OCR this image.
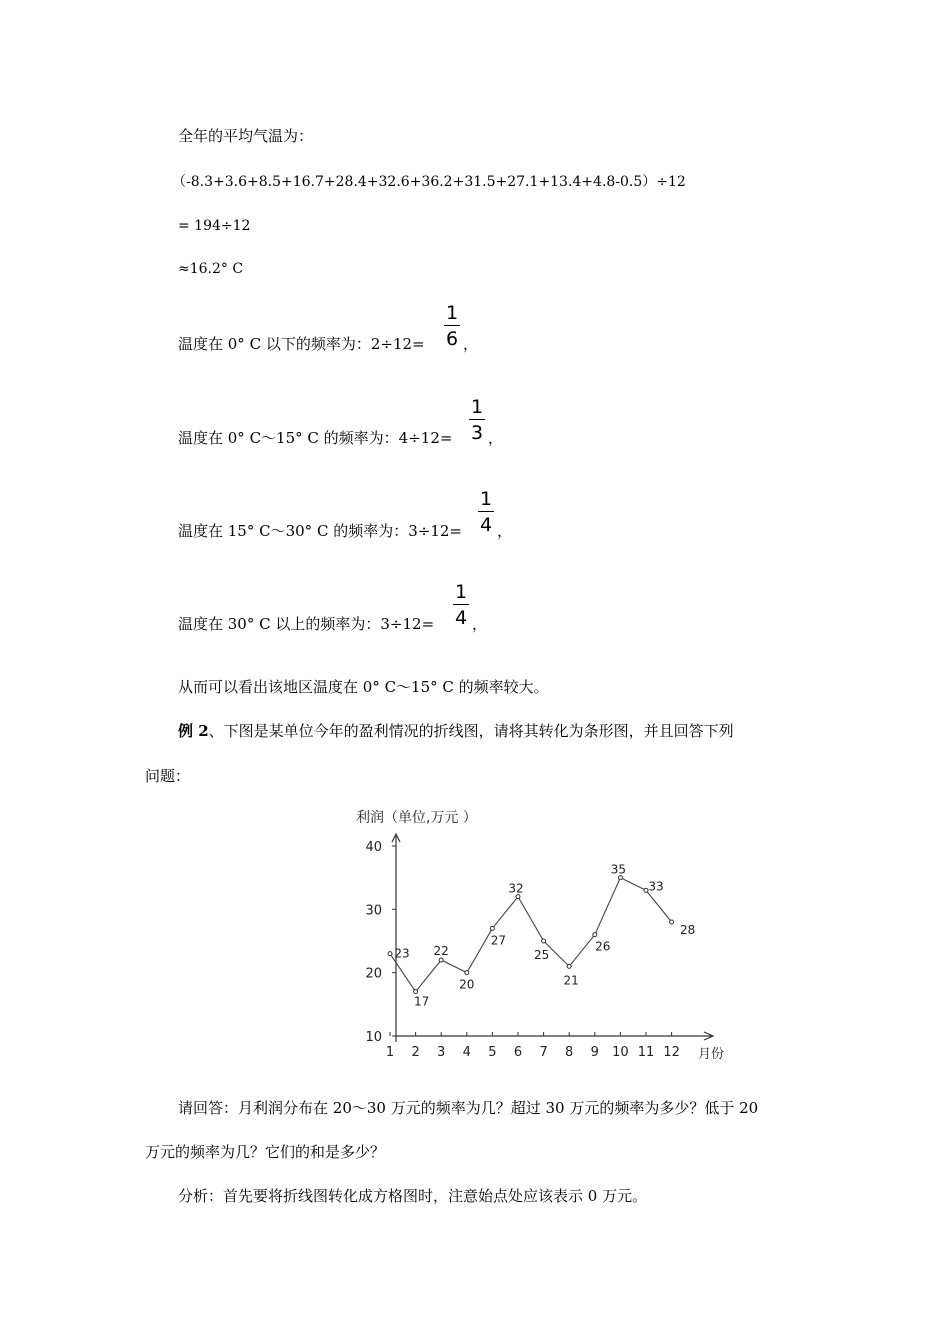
全年的平均气温为：
（-8.3+3.6+8.5+16.7+28.4+32.6+36.2+31.5+27.1+13.4+4.8-0.5）÷12
= 194÷12
≈16.2° C
温度在 0° C 以下的频率为：2÷12=
1
6 ，
温度在 0° C～15° C 的频率为：4÷12=
1
3 ，
温度在 15° C～30° C 的频率为：3÷12=
1
4 ，
温度在 30° C 以上的频率为：3÷12=
1
4 ，
从而可以看出该地区温度在 0° C～15° C 的频率较大。
例 2、下图是某单位今年的盈利情况的折线图，请将其转化为条形图，并且回答下列
问题：
利润（单位,万元 ）
月份
10
20
30
40
1 2 3 4 5 6 7 8 9 10 11 12
23
17
22
20
27
32
25
21
26
35
33
28
请回答：月利润分布在 20～30 万元的频率为几？超过 30 万元的频率为多少？低于 20
万元的频率为几？它们的和是多少？
分析：首先要将折线图转化成方格图时，注意始点处应该表示 0 万元。
